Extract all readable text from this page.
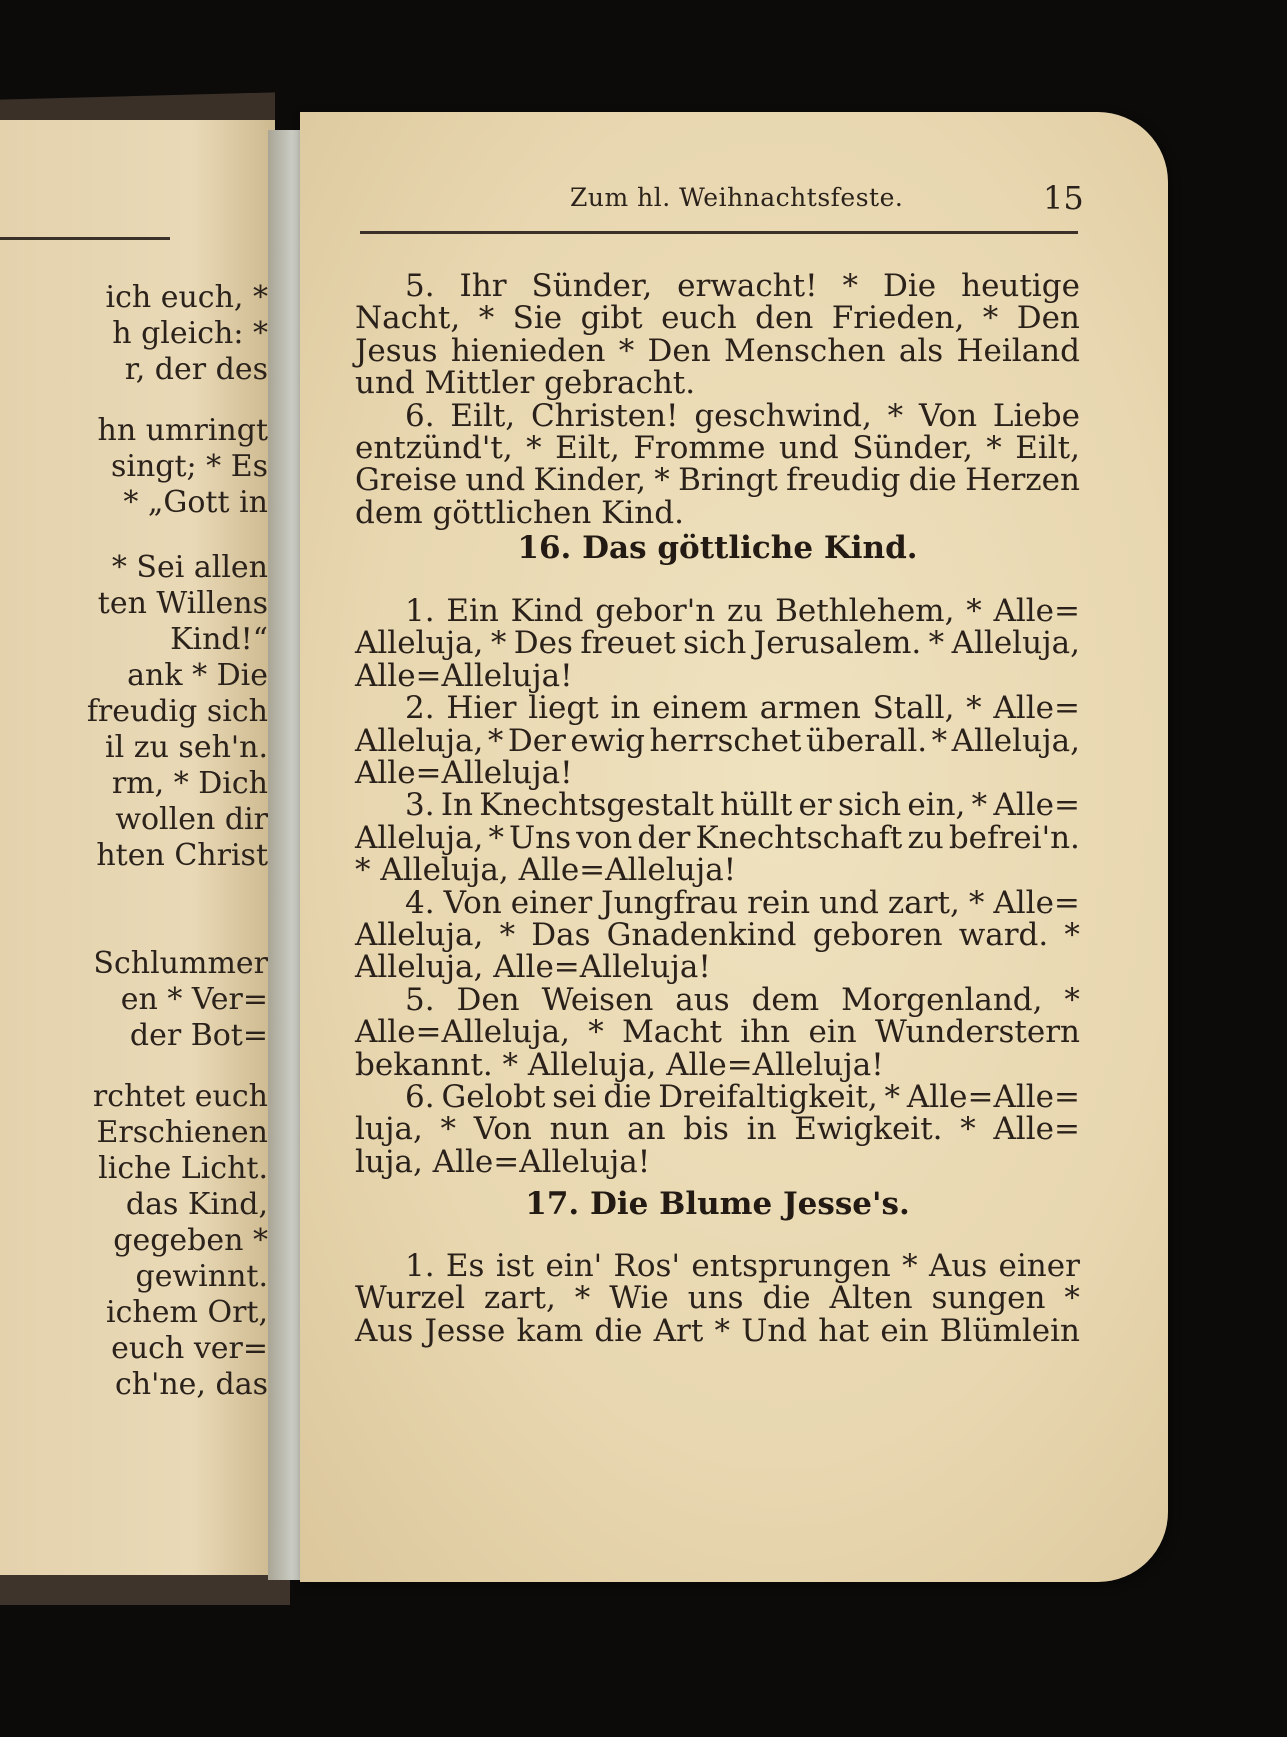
ich euch, *
h gleich: *
r, der des
hn umringt
singt; * Es
* „Gott in
* Sei allen
ten Willens
Kind!“
ank * Die
freudig sich
il zu seh'n.
rm, * Dich
wollen dir
hten Christ
Schlummer
en * Ver=
der Bot=
rchtet euch
Erschienen
liche Licht.
das Kind,
gegeben *
gewinnt.
ichem Ort,
euch ver=
ch'ne, das
Zum hl. Weihnachtsfeste.	15
5. Ihr Sünder, erwacht! * Die heutige
Nacht, * Sie gibt euch den Frieden, * Den
Jesus hienieden * Den Menschen als Heiland
und Mittler gebracht.
6. Eilt, Christen! geschwind, * Von Liebe
entzünd't, * Eilt, Fromme und Sünder, * Eilt,
Greise und Kinder, * Bringt freudig die Herzen
dem göttlichen Kind.
16. Das göttliche Kind.
1. Ein Kind gebor'n zu Bethlehem, * Alle=
Alleluja, * Des freuet sich Jerusalem. * Alleluja,
Alle=Alleluja!
2. Hier liegt in einem armen Stall, * Alle=
Alleluja, * Der ewig herrschet überall. * Alleluja,
Alle=Alleluja!
3. In Knechtsgestalt hüllt er sich ein, * Alle=
Alleluja, * Uns von der Knechtschaft zu befrei'n.
* Alleluja, Alle=Alleluja!
4. Von einer Jungfrau rein und zart, * Alle=
Alleluja, * Das Gnadenkind geboren ward. *
Alleluja, Alle=Alleluja!
5. Den Weisen aus dem Morgenland, *
Alle=Alleluja, * Macht ihn ein Wunderstern
bekannt. * Alleluja, Alle=Alleluja!
6. Gelobt sei die Dreifaltigkeit, * Alle=Alle=
luja, * Von nun an bis in Ewigkeit. * Alle=
luja, Alle=Alleluja!
17. Die Blume Jesse's.
1. Es ist ein' Ros' entsprungen * Aus einer
Wurzel zart, * Wie uns die Alten sungen *
Aus Jesse kam die Art * Und hat ein Blümlein
